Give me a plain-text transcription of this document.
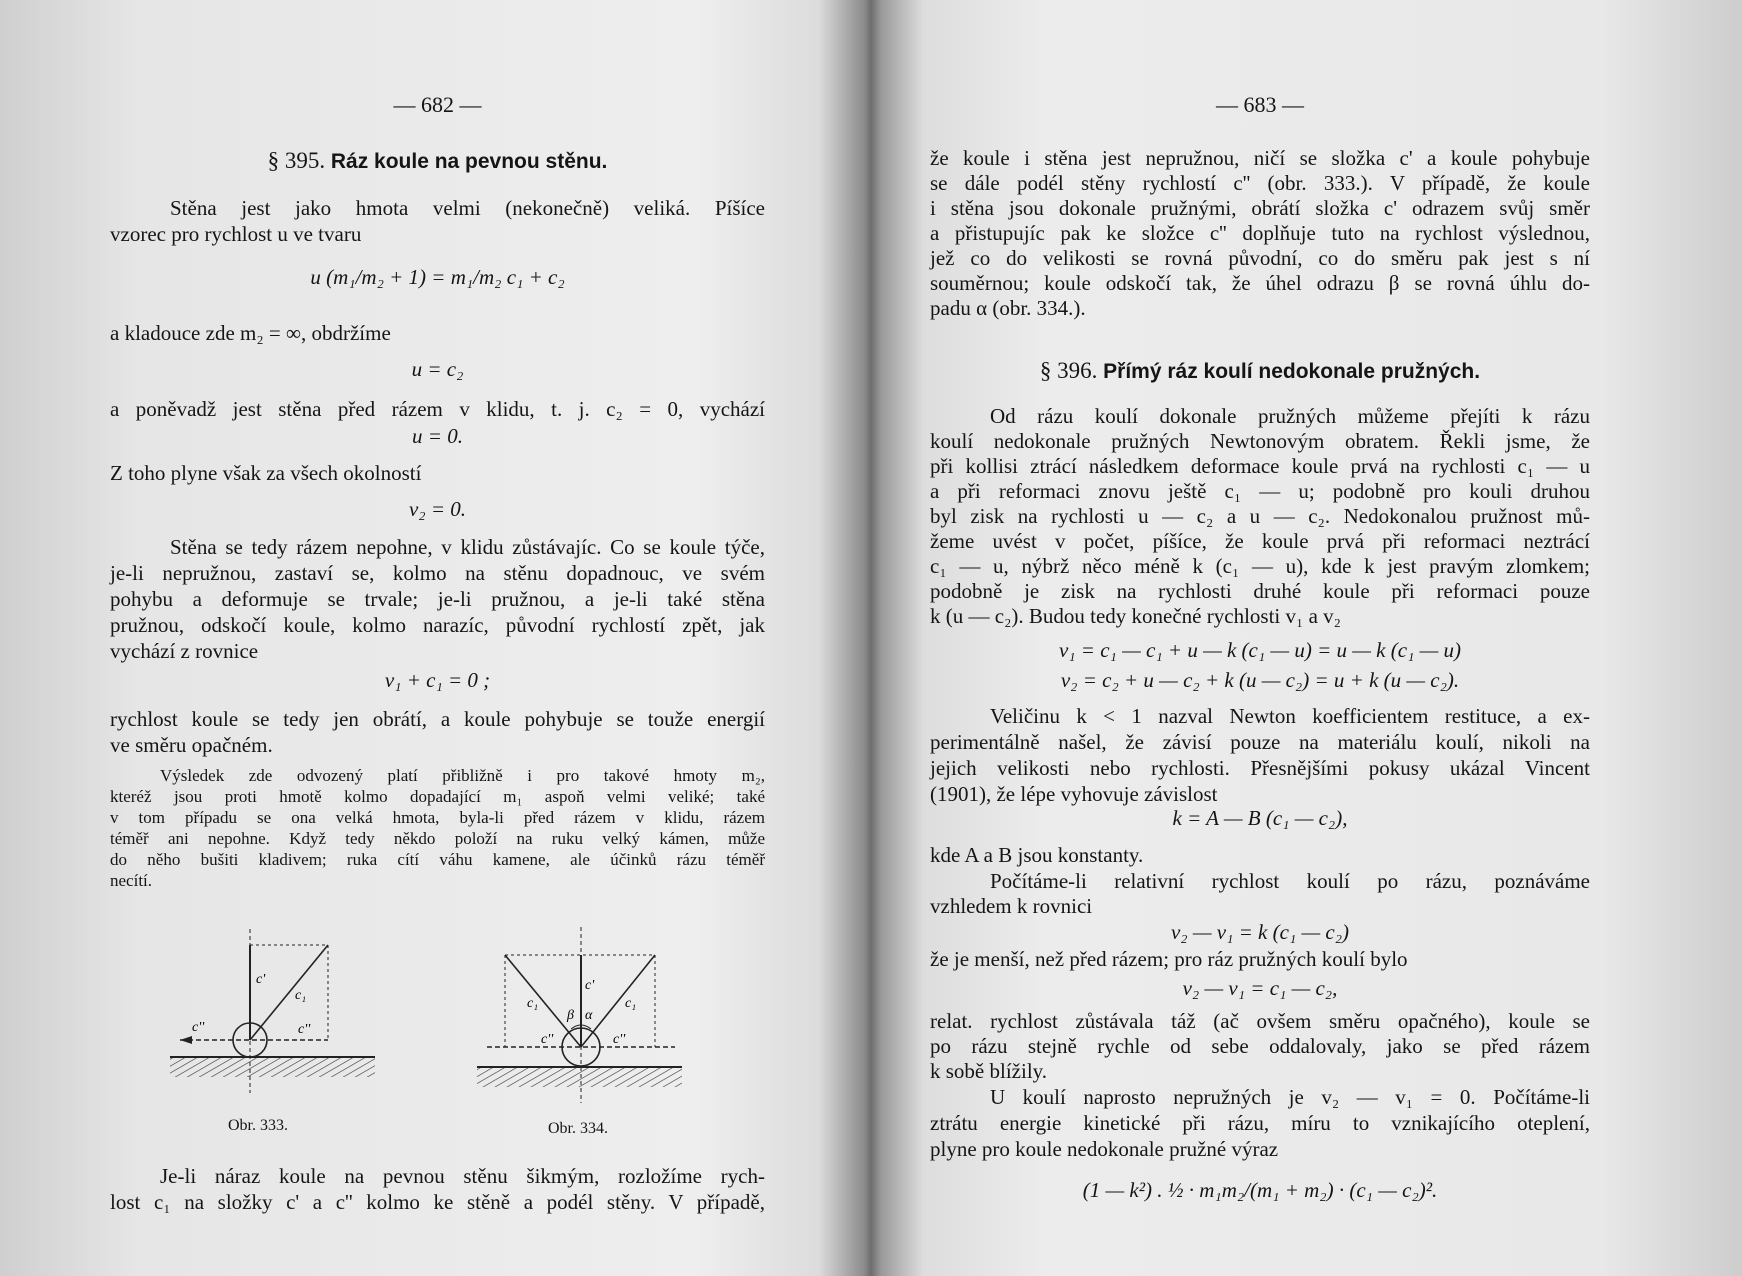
— 682 —
§ 395. Ráz koule na pevnou stěnu.
Stěna jest jako hmota velmi (nekonečně) veliká. Píšíce
vzorec pro rychlost u ve tvaru
u (m₁/m₂ + 1) = m₁/m₂ c₁ + c₂
a kladouce zde m₂ = ∞, obdržíme
u = c₂
a poněvadž jest stěna před rázem v klidu, t. j. c₂ = 0, vychází
u = 0.
Z toho plyne však za všech okolností
v₂ = 0.
Stěna se tedy rázem nepohne, v klidu zůstávajíc. Co se koule týče,
je-li nepružnou, zastaví se, kolmo na stěnu dopadnouc, ve svém
pohybu a deformuje se trvale; je-li pružnou, a je-li také stěna
pružnou, odskočí koule, kolmo narazíc, původní rychlostí zpět, jak
vychází z rovnice
v₁ + c₁ = 0 ;
rychlost koule se tedy jen obrátí, a koule pohybuje se touže energií
ve směru opačném.
Výsledek zde odvozený platí přibližně i pro takové hmoty m₂,
kteréž jsou proti hmotě kolmo dopadající m₁ aspoň velmi veliké; také
v tom případu se ona velká hmota, byla-li před rázem v klidu, rázem
téměř ani nepohne. Když tedy někdo položí na ruku velký kámen, může
do něho bušiti kladivem; ruka cítí váhu kamene, ale účinků rázu téměř
necítí.
c'
c₁
c''	c''
Obr. 333.
c₁	c₁
c'
β α
c''	c''
Obr. 334.
Je-li náraz koule na pevnou stěnu šikmým, rozložíme rych-
lost c₁ na složky c' a c'' kolmo ke stěně a podél stěny. V případě,
— 683 —
že koule i stěna jest nepružnou, ničí se složka c' a koule pohybuje
se dále podél stěny rychlostí c'' (obr. 333.). V případě, že koule
i stěna jsou dokonale pružnými, obrátí složka c' odrazem svůj směr
a přistupujíc pak ke složce c'' doplňuje tuto na rychlost výslednou,
jež co do velikosti se rovná původní, co do směru pak jest s ní
souměrnou; koule odskočí tak, že úhel odrazu β se rovná úhlu do-
padu α (obr. 334.).
§ 396. Přímý ráz koulí nedokonale pružných.
Od rázu koulí dokonale pružných můžeme přejíti k rázu
koulí nedokonale pružných Newtonovým obratem. Řekli jsme, že
při kollisi ztrácí následkem deformace koule prvá na rychlosti c₁ — u
a při reformaci znovu ještě c₁ — u; podobně pro kouli druhou
byl zisk na rychlosti u — c₂ a u — c₂. Nedokonalou pružnost mů-
žeme uvést v počet, píšíce, že koule prvá při reformaci neztrácí
c₁ — u, nýbrž něco méně k (c₁ — u), kde k jest pravým zlomkem;
podobně je zisk na rychlosti druhé koule při reformaci pouze
k (u — c₂). Budou tedy konečné rychlosti v₁ a v₂
v₁ = c₁ — c₁ + u — k (c₁ — u) = u — k (c₁ — u)
v₂ = c₂ + u — c₂ + k (u — c₂) = u + k (u — c₂).
Veličinu k < 1 nazval Newton koefficientem restituce, a ex-
perimentálně našel, že závisí pouze na materiálu koulí, nikoli na
jejich velikosti nebo rychlosti. Přesnějšími pokusy ukázal Vincent
(1901), že lépe vyhovuje závislost
k = A — B (c₁ — c₂),
kde A a B jsou konstanty.
Počítáme-li relativní rychlost koulí po rázu, poznáváme
vzhledem k rovnici
v₂ — v₁ = k (c₁ — c₂)
že je menší, než před rázem; pro ráz pružných koulí bylo
v₂ — v₁ = c₁ — c₂,
relat. rychlost zůstávala táž (ač ovšem směru opačného), koule se
po rázu stejně rychle od sebe oddalovaly, jako se před rázem
k sobě blížily.
U koulí naprosto nepružných je v₂ — v₁ = 0. Počítáme-li
ztrátu energie kinetické při rázu, míru to vznikajícího oteplení,
plyne pro koule nedokonale pružné výraz
(1 — k²) . ½ · m₁m₂/(m₁ + m₂) · (c₁ — c₂)².
